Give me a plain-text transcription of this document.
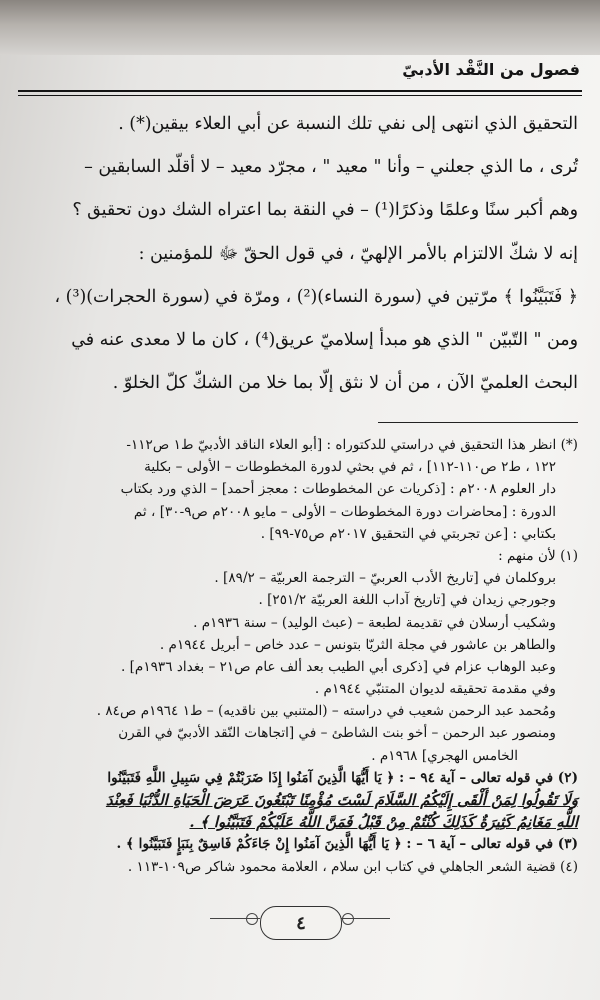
فصول من النَّقْد الأدبيّ
التحقيق الذي انتهى إلى نفي تلك النسبة عن أبي العلاء بيقين(*) .
تُرى ، ما الذي جعلني – وأنا " معيد " ، مجرّد معيد – لا أقلّد السابقين –
وهم أكبر سنًا وعلمًا وذكرًا(¹) – في النقة بما اعتراه الشك دون تحقيق ؟
إنه لا شكّ الالتزام بالأمر الإلهيّ ، في قول الحقّ ﷻ للمؤمنين :
﴿ فَتَبَيَّنُوا ﴾ مرّتين في (سورة النساء)(²) ، ومرّة في (سورة الحجرات)(³) ،
ومن " التّبيّن " الذي هو مبدأ إسلاميّ عريق(⁴) ، كان ما لا معدى عنه في
البحث العلميّ الآن ، من أن لا نثق إلّا بما خلا من الشكّ كلّ الخلوّ .
(*) انظر هذا التحقيق في دراستي للدكتوراه : [أبو العلاء الناقد الأدبيّ ط١ ص١١٢-
١٢٢ ، ط٢ ص١١٠-١١٢] ، ثم في بحثي لدورة المخطوطات – الأولى – بكلية
دار العلوم ٢٠٠٨م : [ذكريات عن المخطوطات : معجز أحمد] – الذي ورد بكتاب
الدورة : [محاضرات دورة المخطوطات – الأولى – مايو ٢٠٠٨م ص٩-٣٠] ، ثم
بكتابي : [عن تجربتي في التحقيق ٢٠١٧م ص٧٥-٩٩] .
(١) لأن منهم :
بروكلمان في [تاريخ الأدب العربيّ – الترجمة العربيّة – ٨٩/٢] .
وجورجي زيدان في [تاريخ آداب اللغة العربيّة ٢٥١/٢] .
وشكيب أرسلان في تقديمة لطبعة – (عبث الوليد) – سنة ١٩٣٦م .
والطاهر بن عاشور في مجلة الثريّا بتونس – عدد خاص – أبريل ١٩٤٤م .
وعبد الوهاب عزام في [ذكرى أبي الطيب بعد ألف عام ص٢١ – بغداد ١٩٣٦م] .
وفي مقدمة تحقيقه لديوان المتنبّي ١٩٤٤م .
ومُحمد عبد الرحمن شعيب في دراسته – (المتنبي بين ناقديه) – ط١ ١٩٦٤م ص٨٤ .
ومنصور عبد الرحمن – أخو بنت الشاطئ – في [اتجاهات النّقد الأدبيّ في القرن
الخامس الهجري] ١٩٦٨م .
(٢) في قوله تعالى – آية ٩٤ – : ﴿ يَا أَيُّهَا الَّذِينَ آمَنُوا إِذَا ضَرَبْتُمْ فِي سَبِيلِ اللَّهِ فَتَبَيَّنُوا
وَلَا تَقُولُوا لِمَنْ أَلْقَى إِلَيْكُمُ السَّلَامَ لَسْتَ مُؤْمِنًا تَبْتَغُونَ عَرَضَ الْحَيَاةِ الدُّنْيَا فَعِنْدَ
اللَّهِ مَغَانِمُ كَثِيرَةٌ كَذَلِكَ كُنْتُمْ مِنْ قَبْلُ فَمَنَّ اللَّهُ عَلَيْكُمْ فَتَبَيَّنُوا ﴾ .
(٣) في قوله تعالى – آية ٦ – : ﴿ يَا أَيُّهَا الَّذِينَ آمَنُوا إِنْ جَاءَكُمْ فَاسِقٌ بِنَبَإٍ فَتَبَيَّنُوا ﴾ .
(٤) قضية الشعر الجاهلي في كتاب ابن سلام ، العلامة محمود شاكر ص١٠٩-١١٣ .
٤
